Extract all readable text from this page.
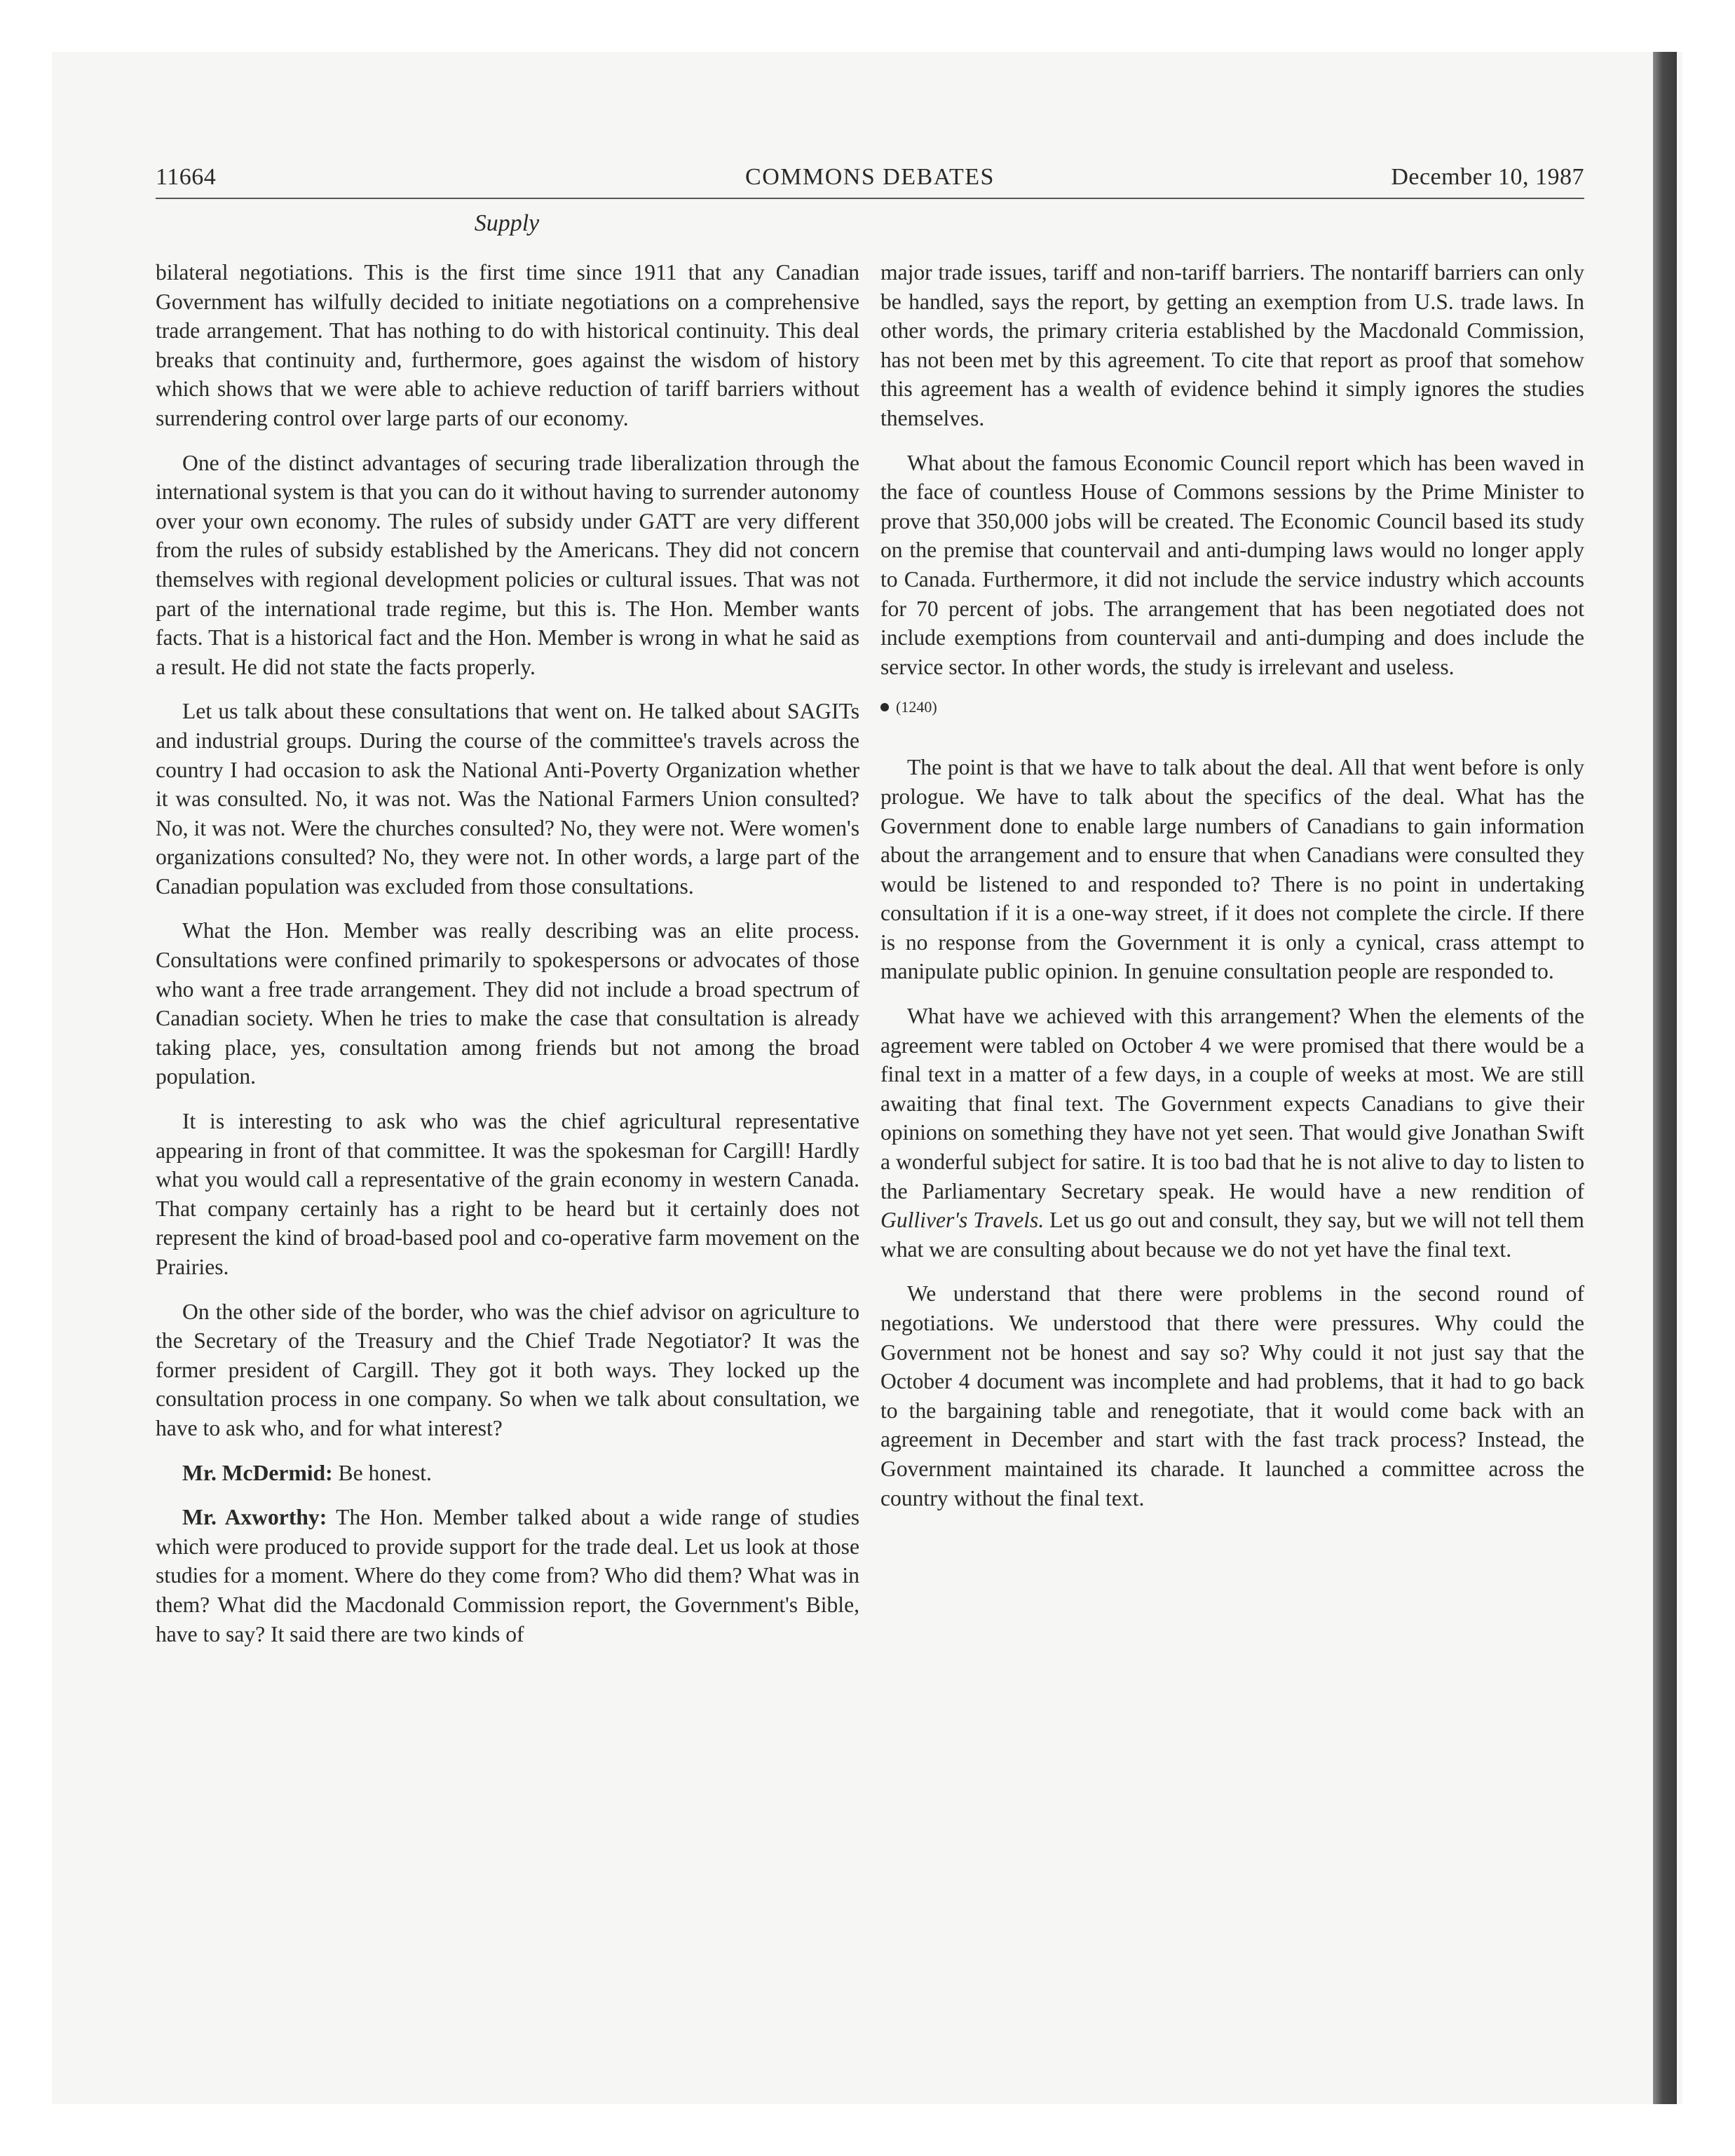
11664	COMMONS DEBATES	December 10, 1987
Supply

bilateral negotiations. This is the first time since 1911 that any Canadian Government has wilfully decided to initiate negotiations on a comprehensive trade arrangement. That has nothing to do with historical continuity. This deal breaks that continuity and, furthermore, goes against the wisdom of history which shows that we were able to achieve reduction of tariff barriers without surrendering control over large parts of our economy.

One of the distinct advantages of securing trade liberalization through the international system is that you can do it without having to surrender autonomy over your own economy. The rules of subsidy under GATT are very different from the rules of subsidy established by the Americans. They did not concern themselves with regional development policies or cultural issues. That was not part of the international trade regime, but this is. The Hon. Member wants facts. That is a historical fact and the Hon. Member is wrong in what he said as a result. He did not state the facts properly.

Let us talk about these consultations that went on. He talked about SAGITs and industrial groups. During the course of the committee's travels across the country I had occasion to ask the National Anti-Poverty Organization whether it was consulted. No, it was not. Was the National Farmers Union consulted? No, it was not. Were the churches consulted? No, they were not. Were women's organizations consulted? No, they were not. In other words, a large part of the Canadian population was excluded from those consultations.

What the Hon. Member was really describing was an elite process. Consultations were confined primarily to spokespersons or advocates of those who want a free trade arrangement. They did not include a broad spectrum of Canadian society. When he tries to make the case that consultation is already taking place, yes, consultation among friends but not among the broad population.

It is interesting to ask who was the chief agricultural representative appearing in front of that committee. It was the spokesman for Cargill! Hardly what you would call a representative of the grain economy in western Canada. That company certainly has a right to be heard but it certainly does not represent the kind of broad-based pool and co-operative farm movement on the Prairies.

On the other side of the border, who was the chief advisor on agriculture to the Secretary of the Treasury and the Chief Trade Negotiator? It was the former president of Cargill. They got it both ways. They locked up the consultation process in one company. So when we talk about consultation, we have to ask who, and for what interest?

Mr. McDermid: Be honest.

Mr. Axworthy: The Hon. Member talked about a wide range of studies which were produced to provide support for the trade deal. Let us look at those studies for a moment. Where do they come from? Who did them? What was in them? What did the Macdonald Commission report, the Government's Bible, have to say? It said there are two kinds of

major trade issues, tariff and non-tariff barriers. The nontariff barriers can only be handled, says the report, by getting an exemption from U.S. trade laws. In other words, the primary criteria established by the Macdonald Commission, has not been met by this agreement. To cite that report as proof that somehow this agreement has a wealth of evidence behind it simply ignores the studies themselves.

What about the famous Economic Council report which has been waved in the face of countless House of Commons sessions by the Prime Minister to prove that 350,000 jobs will be created. The Economic Council based its study on the premise that countervail and anti-dumping laws would no longer apply to Canada. Furthermore, it did not include the service industry which accounts for 70 percent of jobs. The arrangement that has been negotiated does not include exemptions from countervail and anti-dumping and does include the service sector. In other words, the study is irrelevant and useless.

(1240)

The point is that we have to talk about the deal. All that went before is only prologue. We have to talk about the specifics of the deal. What has the Government done to enable large numbers of Canadians to gain information about the arrangement and to ensure that when Canadians were consulted they would be listened to and responded to? There is no point in undertaking consultation if it is a one-way street, if it does not complete the circle. If there is no response from the Government it is only a cynical, crass attempt to manipulate public opinion. In genuine consultation people are responded to.

What have we achieved with this arrangement? When the elements of the agreement were tabled on October 4 we were promised that there would be a final text in a matter of a few days, in a couple of weeks at most. We are still awaiting that final text. The Government expects Canadians to give their opinions on something they have not yet seen. That would give Jonathan Swift a wonderful subject for satire. It is too bad that he is not alive to day to listen to the Parliamentary Secretary speak. He would have a new rendition of Gulliver's Travels. Let us go out and consult, they say, but we will not tell them what we are consulting about because we do not yet have the final text.

We understand that there were problems in the second round of negotiations. We understood that there were pressures. Why could the Government not be honest and say so? Why could it not just say that the October 4 document was incomplete and had problems, that it had to go back to the bargaining table and renegotiate, that it would come back with an agreement in December and start with the fast track process? Instead, the Government maintained its charade. It launched a committee across the country without the final text.
